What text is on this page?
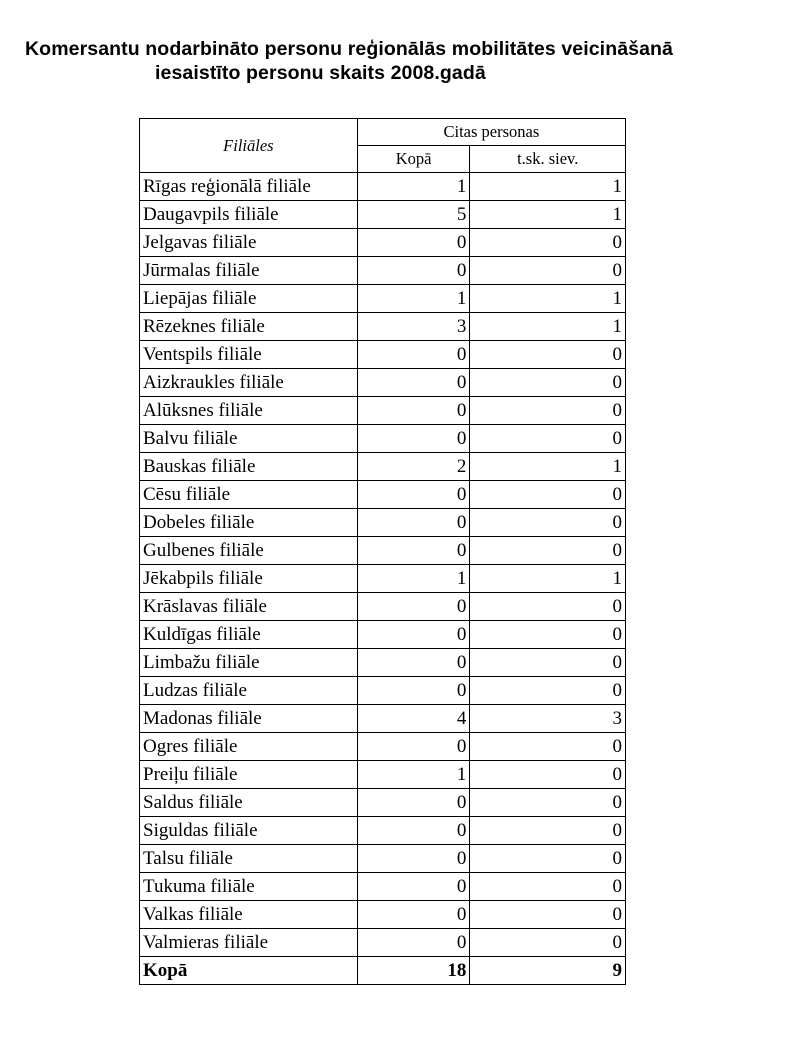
Komersantu nodarbināto personu reģionālās mobilitātes veicināšanā
iesaistīto personu skaits 2008.gadā
Filiāles	Citas personas	
	Kopā	t.sk. siev.
Rīgas reģionālā filiāle	1	1
Daugavpils filiāle	5	1
Jelgavas filiāle	0	0
Jūrmalas filiāle	0	0
Liepājas filiāle	1	1
Rēzeknes filiāle	3	1
Ventspils filiāle	0	0
Aizkraukles filiāle	0	0
Alūksnes filiāle	0	0
Balvu filiāle	0	0
Bauskas filiāle	2	1
Cēsu filiāle	0	0
Dobeles filiāle	0	0
Gulbenes filiāle	0	0
Jēkabpils filiāle	1	1
Krāslavas filiāle	0	0
Kuldīgas filiāle	0	0
Limbažu filiāle	0	0
Ludzas filiāle	0	0
Madonas filiāle	4	3
Ogres filiāle	0	0
Preiļu filiāle	1	0
Saldus filiāle	0	0
Siguldas filiāle	0	0
Talsu filiāle	0	0
Tukuma filiāle	0	0
Valkas filiāle	0	0
Valmieras filiāle	0	0
Kopā	18	9
